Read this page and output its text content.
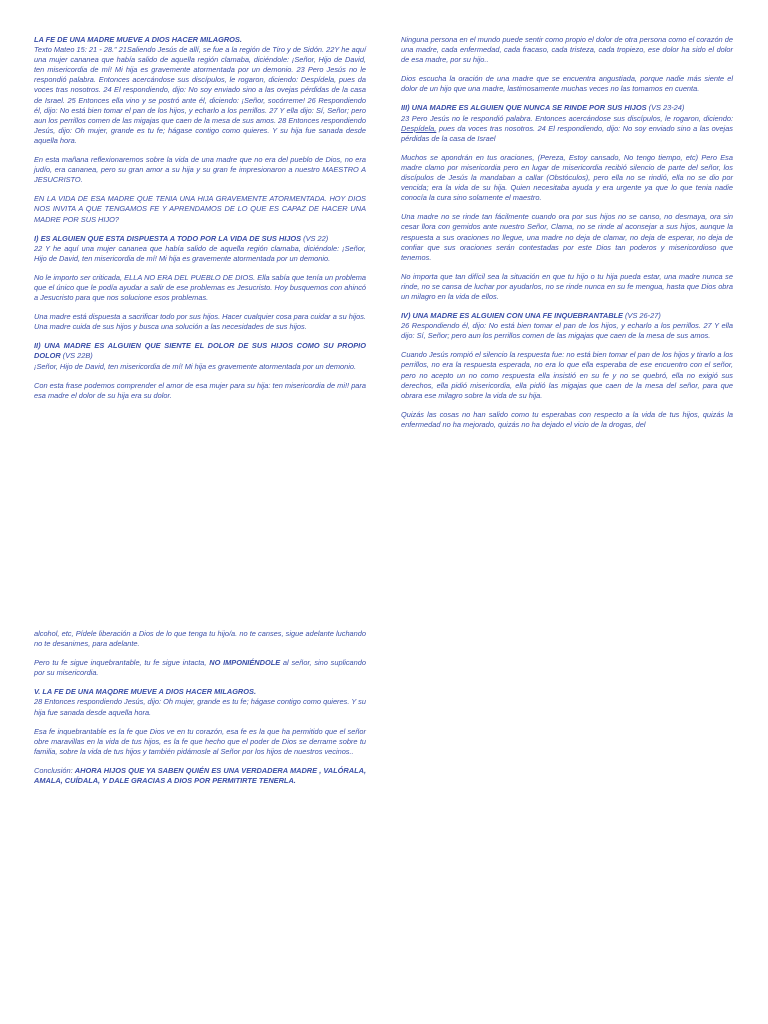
LA FE DE UNA MADRE MUEVE A DIOS HACER MILAGROS.
Texto Mateo 15: 21 - 28.” 21Saliendo Jesús de allí, se fue a la región de Tiro y de Sidón. 22Y he aquí una mujer cananea que había salido de aquella región clamaba, diciéndole: ¡Señor, Hijo de David, ten misericordia de mí! Mi hija es gravemente atormentada por un demonio. 23 Pero Jesús no le respondió palabra. Entonces acercándose sus discípulos, le rogaron, diciendo: Despídela, pues da voces tras nosotros. 24 El respondiendo, dijo: No soy enviado sino a las ovejas pérdidas de la casa de Israel. 25 Entonces ella vino y se postró ante él, diciendo: ¡Señor, socórreme! 26 Respondiendo él, dijo: No está bien tomar el pan de los hijos, y echarlo a los perrillos. 27 Y ella dijo: Sí, Señor; pero aun los perrillos comen de las migajas que caen de la mesa de sus amos. 28 Entonces respondiendo Jesús, dijo: Oh mujer, grande es tu fe; hágase contigo como quieres. Y su hija fue sanada desde aquella hora.

En esta mañana reflexionaremos sobre la vida de una madre que no era del pueblo de Dios, no era judío, era cananea, pero su gran amor a su hija y su gran fe impresionaron a nuestro MAESTRO A JESUCRISTO.

EN LA VIDA DE ESA MADRE QUE TENIA UNA HIJA GRAVEMENTE ATORMENTADA. HOY DIOS NOS INVITA A QUE TENGAMOS FE Y APRENDAMOS DE LO QUE ES CAPAZ DE HACER UNA MADRE POR SUS HIJO?

I) ES ALGUIEN QUE ESTA DISPUESTA A TODO POR LA VIDA DE SUS HIJOS (VS 22)
22 Y he aquí una mujer cananea que había salido de aquella región clamaba, diciéndole: ¡Señor, Hijo de David, ten misericordia de mí! Mi hija es gravemente atormentada por un demonio.

No le importo ser criticada, ELLA NO ERA DEL PUEBLO DE DIOS. Ella sabía que tenía un problema que el único que le podía ayudar a salir de ese problemas es Jesucristo. Hoy busquemos con ahincó a Jesucristo para que nos solucione esos problemas.

Una madre está dispuesta a sacrificar todo por sus hijos. Hacer cualquier cosa para cuidar a su hijos. Una madre cuida de sus hijos y busca una solución a las necesidades de sus hijos.

II) UNA MADRE ES ALGUIEN QUE SIENTE EL DOLOR DE SUS HIJOS COMO SU PROPIO DOLOR (VS 22B)
¡Señor, Hijo de David, ten misericordia de mí! Mi hija es gravemente atormentada por un demonio.

Con esta frase podemos comprender el amor de esa mujer para su hija: ten misericordia de mi!! para esa madre el dolor de su hija era su dolor.

Ninguna persona en el mundo puede sentir como propio el dolor de otra persona como el corazón de una madre, cada enfermedad, cada fracaso, cada tristeza, cada tropiezo, ese dolor ha sido el dolor de esa madre, por su hijo..

Dios escucha la oración de una madre que se encuentra angustiada, porque nadie más siente el dolor de un hijo que una madre, lastimosamente muchas veces no las tomamos en cuenta.

III) UNA MADRE ES ALGUIEN QUE NUNCA SE RINDE POR SUS HIJOS (VS 23-24)
23 Pero Jesús no le respondió palabra. Entonces acercándose sus discípulos, le rogaron, diciendo: Despídela, pues da voces tras nosotros. 24 El respondiendo, dijo: No soy enviado sino a las ovejas pérdidas de la casa de Israel

Muchos se apondrán en tus oraciones, (Pereza, Estoy cansado, No tengo tiempo, etc) Pero Esa madre clamo por misericordia pero en lugar de misericordia recibió silencio de parte del señor, los discípulos de Jesús la mandaban a callar (Obstóculos), pero ella no se rindió, ella no se dio por vencida; era la vida de su hija. Quien necesitaba ayuda y era urgente ya que lo que tenia nadie conocía la cura sino solamente el maestro.

Una madre no se rinde tan fácilmente cuando ora por sus hijos no se canso, no desmaya, ora sin cesar llora con gemidos ante nuestro Señor, Clama, no se rinde al aconsejar a sus hijos, aunque la respuesta a sus oraciones no llegue, una madre no deja de clamar, no deja de esperar, no deja de confiar que sus oraciones serán contestadas por este Dios tan poderos y misericordioso que tenemos.

No importa que tan difícil sea la situación en que tu hijo o tu hija pueda estar, una madre nunca se rinde, no se cansa de luchar por ayudarlos, no se rinde nunca en su fe mengua, hasta que Dios obra un milagro en la vida de ellos.

IV) UNA MADRE ES ALGUIEN CON UNA FE INQUEBRANTABLE (VS 26-27)
26 Respondiendo él, dijo: No está bien tomar el pan de los hijos, y echarlo a los perrillos. 27 Y ella dijo: Sí, Señor; pero aun los perrillos comen de las migajas que caen de la mesa de sus amos.

Cuando Jesús rompió el silencio la respuesta fue: no está bien tomar el pan de los hijos y tirarlo a los perrillos, no era la respuesta esperada, no era lo que ella esperaba de ese encuentro con el señor, pero no acepto un no como respuesta ella insistió en su fe y no se quebró, ella no exigió sus derechos, ella pidió misericordia, ella pidió las migajas que caen de la mesa del señor, para que obrara ese milagro sobre la vida de su hija.

Quizás las cosas no han salido como tu esperabas con respecto a la vida de tus hijos, quizás la enfermedad no ha mejorado, quizás no ha dejado el vicio de la drogas, del

alcohol, etc, Pídele liberación a Dios de lo que tenga tu hijo/a. no te canses, sigue adelante luchando no te desanimes, para adelante.

Pero tu fe sigue inquebrantable, tu fe sigue intacta, NO IMPONIÉNDOLE al señor, sino suplicando por su misericordia.

V. LA FE DE UNA MAQDRE MUEVE A DIOS HACER MILAGROS.
28 Entonces respondiendo Jesús, dijo: Oh mujer, grande es tu fe; hágase contigo como quieres. Y su hija fue sanada desde aquella hora.

Esa fe inquebrantable es la fe que Dios ve en tu corazón, esa fe es la que ha permitido que el señor obre maravillas en la vida de tus hijos, es la fe que hecho que el poder de Dios se derrame sobre tu familia, sobre la vida de tus hijos y también pidámosle al Señor por los hijos de nuestros vecinos..

Conclusión: AHORA HIJOS QUE YA SABEN QUIÉN ES UNA VERDADERA MADRE , VALÓRALA, AMALA, CUÍDALA, Y DALE GRACIAS A DIOS POR PERMITIRTE TENERLA.
